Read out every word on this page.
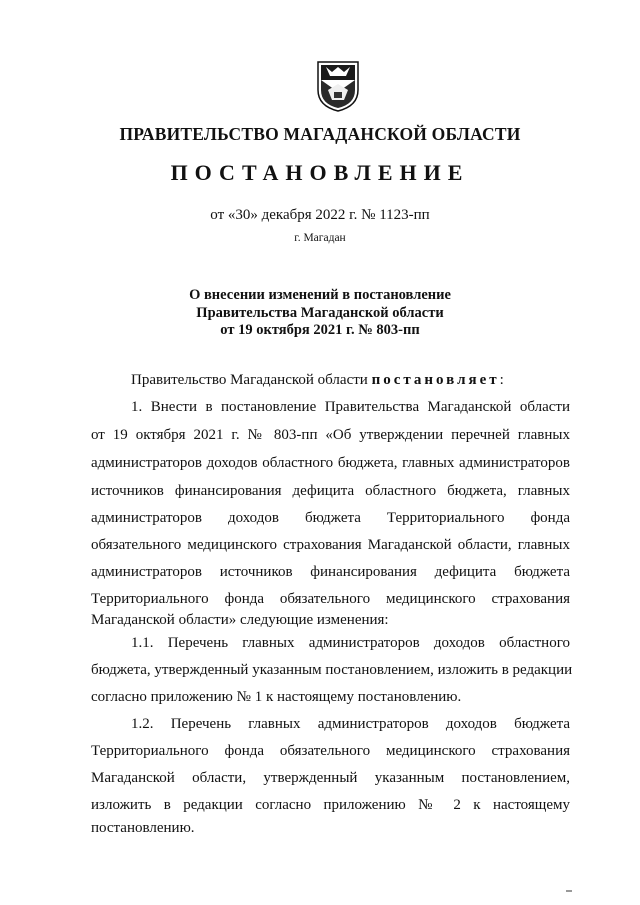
ПРАВИТЕЛЬСТВО МАГАДАНСКОЙ ОБЛАСТИ
ПОСТАНОВЛЕНИЕ
от «30» декабря 2022 г. № 1123-пп
г. Магадан
О внесении изменений в постановление
Правительства Магаданской области
от 19 октября 2021 г. № 803-пп
Правительство Магаданской области постановляет:
1. Внести в постановление Правительства Магаданской области
от 19 октября 2021 г. № 803-пп «Об утверждении перечней главных
администраторов доходов областного бюджета, главных администраторов
источников финансирования дефицита областного бюджета, главных
администраторов доходов бюджета Территориального фонда
обязательного медицинского страхования Магаданской области, главных
администраторов источников финансирования дефицита бюджета
Территориального фонда обязательного медицинского страхования
Магаданской области» следующие изменения:
1.1. Перечень главных администраторов доходов областного
бюджета, утвержденный указанным постановлением, изложить в редакции
согласно приложению № 1 к настоящему постановлению.
1.2. Перечень главных администраторов доходов бюджета
Территориального фонда обязательного медицинского страхования
Магаданской области, утвержденный указанным постановлением,
изложить в редакции согласно приложению № 2 к настоящему
постановлению.
